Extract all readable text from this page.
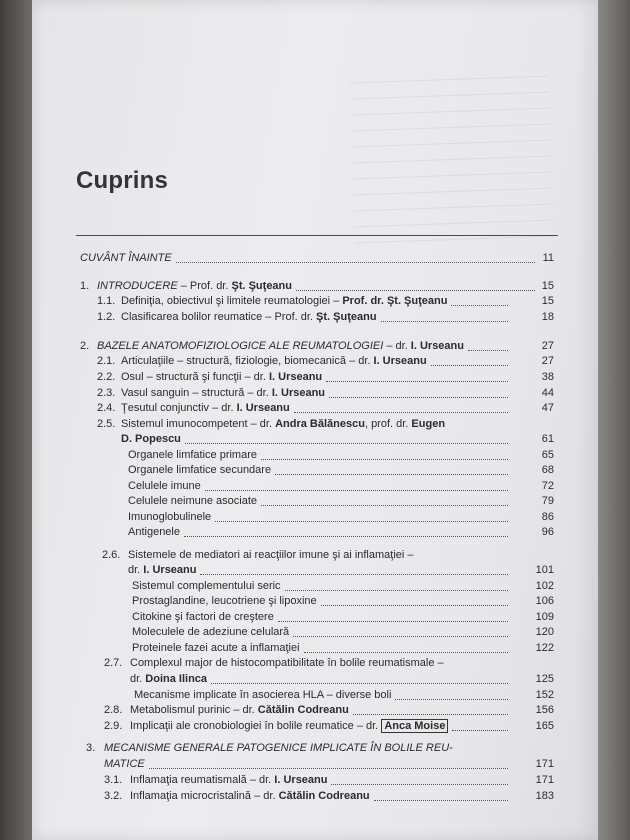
Cuprins
CUVÂNT ÎNAINTE	11
1. INTRODUCERE – Prof. dr. Şt. Şuţeanu	15
1.1. Definiţia, obiectivul şi limitele reumatologiei – Prof. dr. Şt. Şuţeanu	15
1.2. Clasificarea bolilor reumatice – Prof. dr. Şt. Şuţeanu	18
2. BAZELE ANATOMOFIZIOLOGICE ALE REUMATOLOGIEI – dr. I. Urseanu	27
2.1. Articulaţiile – structură, fiziologie, biomecanică – dr. I. Urseanu	27
2.2. Osul – structură şi funcţii – dr. I. Urseanu	38
2.3. Vasul sanguin – structură – dr. I. Urseanu	44
2.4. Ţesutul conjunctiv – dr. I. Urseanu	47
2.5. Sistemul imunocompetent – dr. Andra Bălănescu, prof. dr. Eugen
D. Popescu	61
Organele limfatice primare	65
Organele limfatice secundare	68
Celulele imune	72
Celulele neimune asociate	79
Imunoglobulinele	86
Antigenele	96
2.6. Sistemele de mediatori ai reacţiilor imune şi ai inflamaţiei –
dr. I. Urseanu	101
Sistemul complementului seric	102
Prostaglandine, leucotriene şi lipoxine	106
Citokine şi factori de creştere	109
Moleculele de adeziune celulară	120
Proteinele fazei acute a inflamaţiei	122
2.7. Complexul major de histocompatibilitate în bolile reumatismale –
dr. Doina Ilinca	125
Mecanisme implicate în asocierea HLA – diverse boli	152
2.8. Metabolismul purinic – dr. Cătălin Codreanu	156
2.9. Implicaţii ale cronobiologiei în bolile reumatice – dr. Anca Moise	165
3. MECANISME GENERALE PATOGENICE IMPLICATE ÎN BOLILE REU-
MATICE	171
3.1. Inflamaţia reumatismală – dr. I. Urseanu	171
3.2. Inflamaţia microcristalină – dr. Cătălin Codreanu	183
